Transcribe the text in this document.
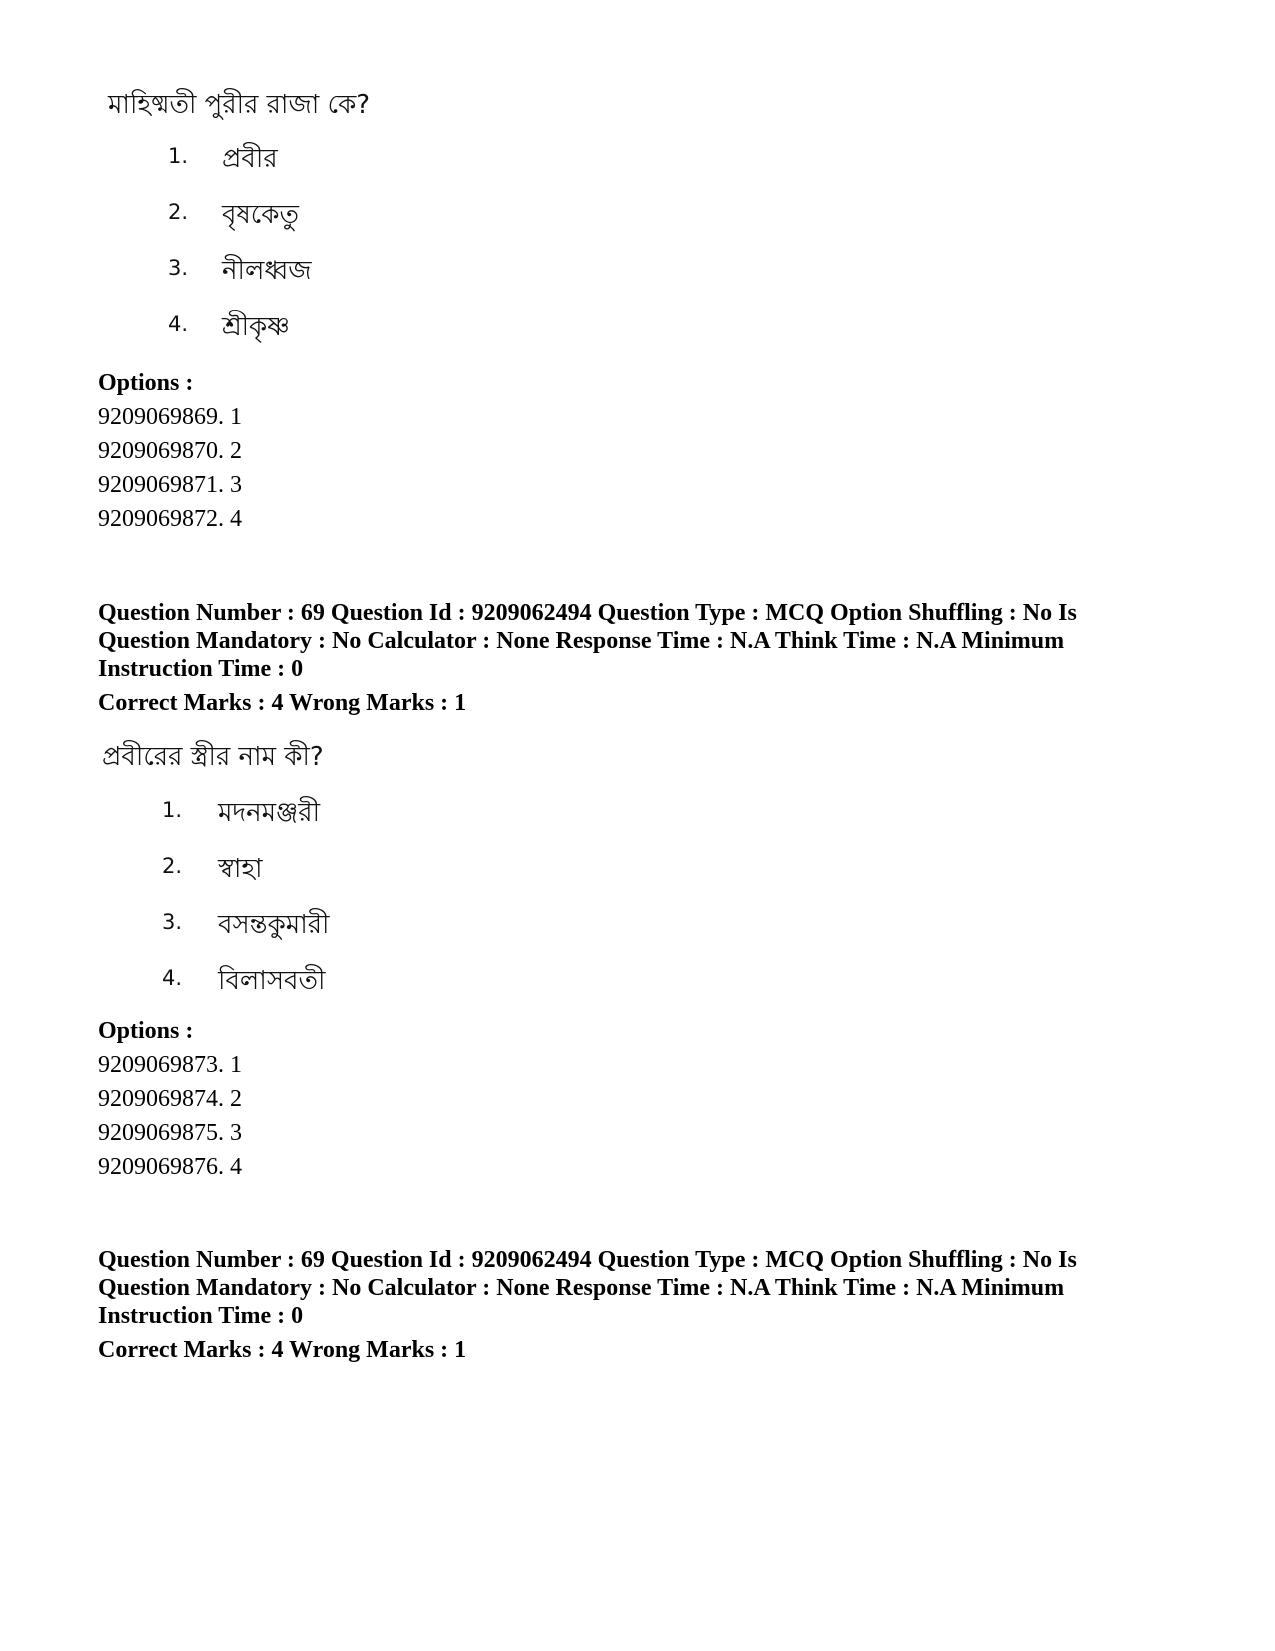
মাহিষ্মতী পুরীর রাজা কে?
1. প্রবীর
2. বৃষকেতু
3. নীলধ্বজ
4. শ্রীকৃষ্ণ
Options :
9209069869. 1
9209069870. 2
9209069871. 3
9209069872. 4
Question Number : 69 Question Id : 9209062494 Question Type : MCQ Option Shuffling : No Is
Question Mandatory : No Calculator : None Response Time : N.A Think Time : N.A Minimum
Instruction Time : 0
Correct Marks : 4 Wrong Marks : 1
প্রবীরের স্ত্রীর নাম কী?
1. মদনমঞ্জরী
2. স্বাহা
3. বসন্তকুমারী
4. বিলাসবতী
Options :
9209069873. 1
9209069874. 2
9209069875. 3
9209069876. 4
Question Number : 69 Question Id : 9209062494 Question Type : MCQ Option Shuffling : No Is
Question Mandatory : No Calculator : None Response Time : N.A Think Time : N.A Minimum
Instruction Time : 0
Correct Marks : 4 Wrong Marks : 1
